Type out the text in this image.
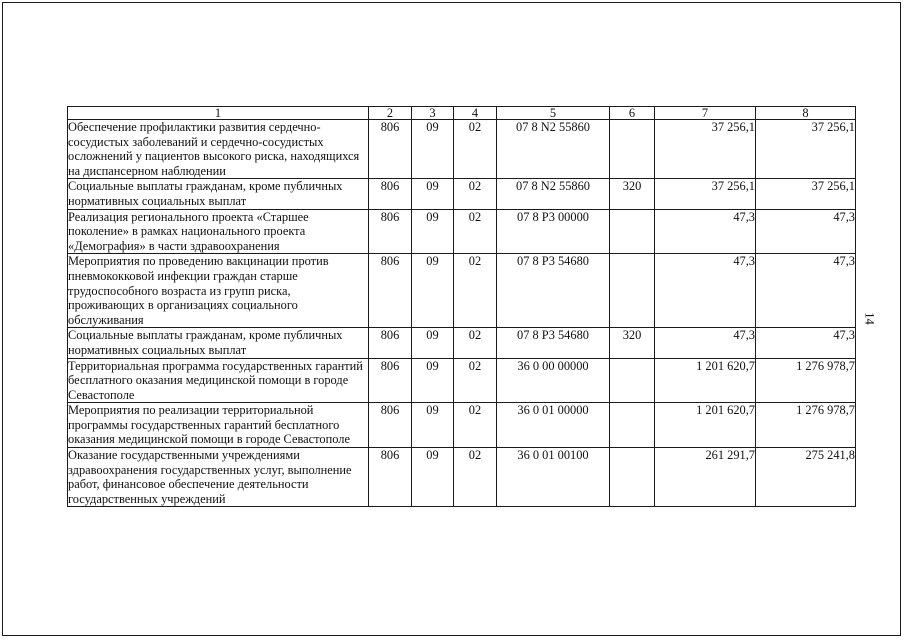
1	2	3	4	5	6	7	8
Обеспечение профилактики развития сердечно-сосудистых заболеваний и сердечно-сосудистых осложнений у пациентов высокого риска, находящихся на диспансерном наблюдении	806	09	02	07 8 N2 55860		37 256,1	37 256,1
Социальные выплаты гражданам, кроме публичных нормативных социальных выплат	806	09	02	07 8 N2 55860	320	37 256,1	37 256,1
Реализация регионального проекта «Старшее поколение» в рамках национального проекта «Демография» в части здравоохранения	806	09	02	07 8 P3 00000		47,3	47,3
Мероприятия по проведению вакцинации против пневмококковой инфекции граждан старше трудоспособного возраста из групп риска, проживающих в организациях социального обслуживания	806	09	02	07 8 P3 54680		47,3	47,3
Социальные выплаты гражданам, кроме публичных нормативных социальных выплат	806	09	02	07 8 P3 54680	320	47,3	47,3
Территориальная программа государственных гарантий бесплатного оказания медицинской помощи в городе Севастополе	806	09	02	36 0 00 00000		1 201 620,7	1 276 978,7
Мероприятия по реализации территориальной программы государственных гарантий бесплатного оказания медицинской помощи в городе Севастополе	806	09	02	36 0 01 00000		1 201 620,7	1 276 978,7
Оказание государственными учреждениями здравоохранения государственных услуг, выполнение работ, финансовое обеспечение деятельности государственных учреждений	806	09	02	36 0 01 00100		261 291,7	275 241,8
14
